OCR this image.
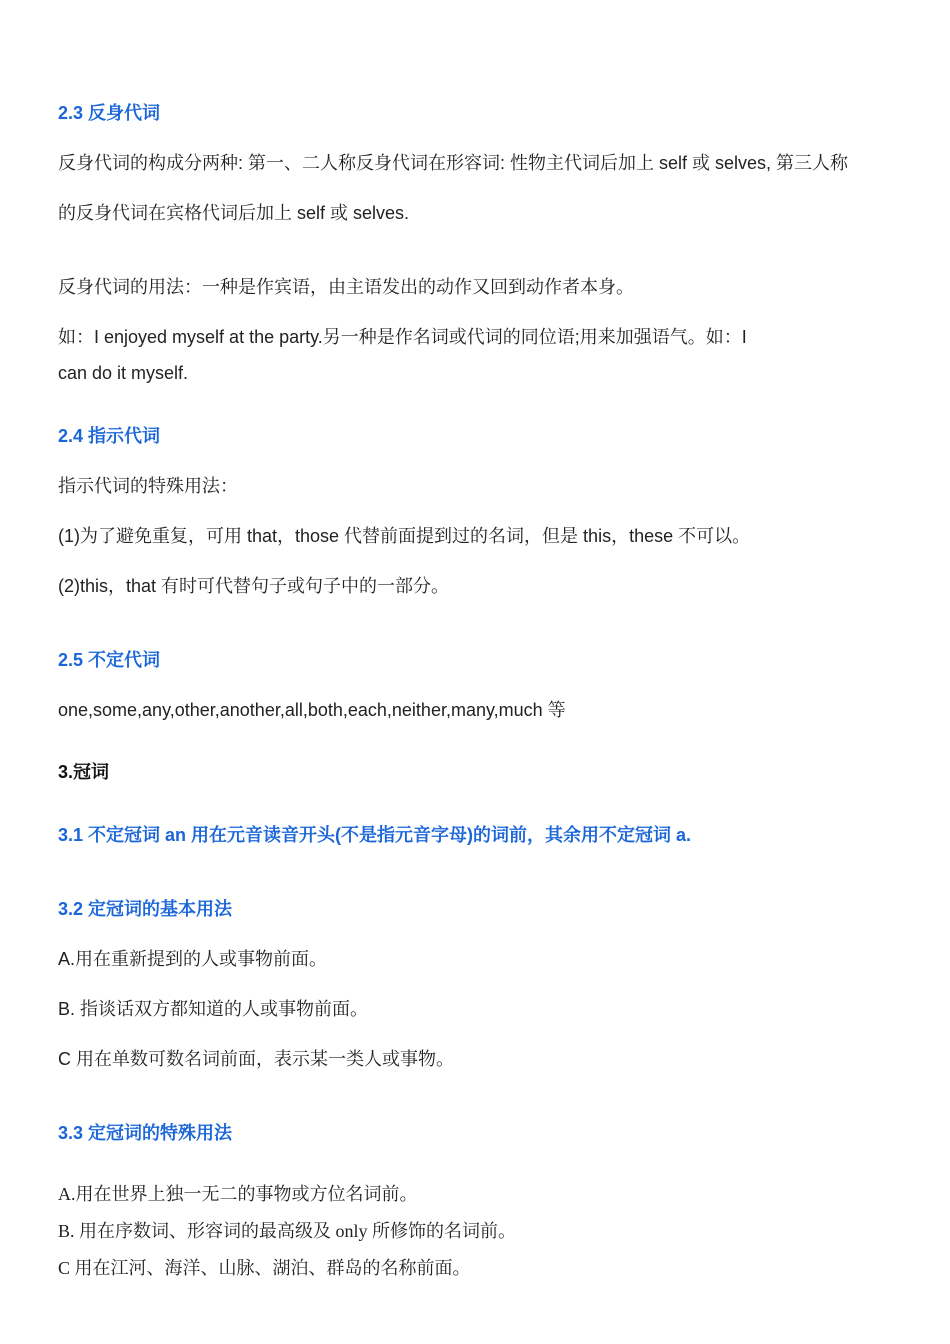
2.3 反身代词
反身代词的构成分两种: 第一、二人称反身代词在形容词: 性物主代词后加上 self 或 selves, 第三人称
的反身代词在宾格代词后加上 self 或 selves.
反身代词的用法：一种是作宾语，由主语发出的动作又回到动作者本身。
如：I enjoyed myself at the party.另一种是作名词或代词的同位语;用来加强语气。如：I
can do it myself.
2.4 指示代词
指示代词的特殊用法：
(1)为了避免重复，可用 that，those 代替前面提到过的名词，但是 this，these 不可以。
(2)this，that 有时可代替句子或句子中的一部分。
2.5 不定代词
one,some,any,other,another,all,both,each,neither,many,much 等
3.冠词
3.1 不定冠词 an 用在元音读音开头(不是指元音字母)的词前，其余用不定冠词 a.
3.2 定冠词的基本用法
A.用在重新提到的人或事物前面。
B. 指谈话双方都知道的人或事物前面。
C 用在单数可数名词前面，表示某一类人或事物。
3.3 定冠词的特殊用法
A.用在世界上独一无二的事物或方位名词前。
B. 用在序数词、形容词的最高级及 only 所修饰的名词前。
C 用在江河、海洋、山脉、湖泊、群岛的名称前面。
